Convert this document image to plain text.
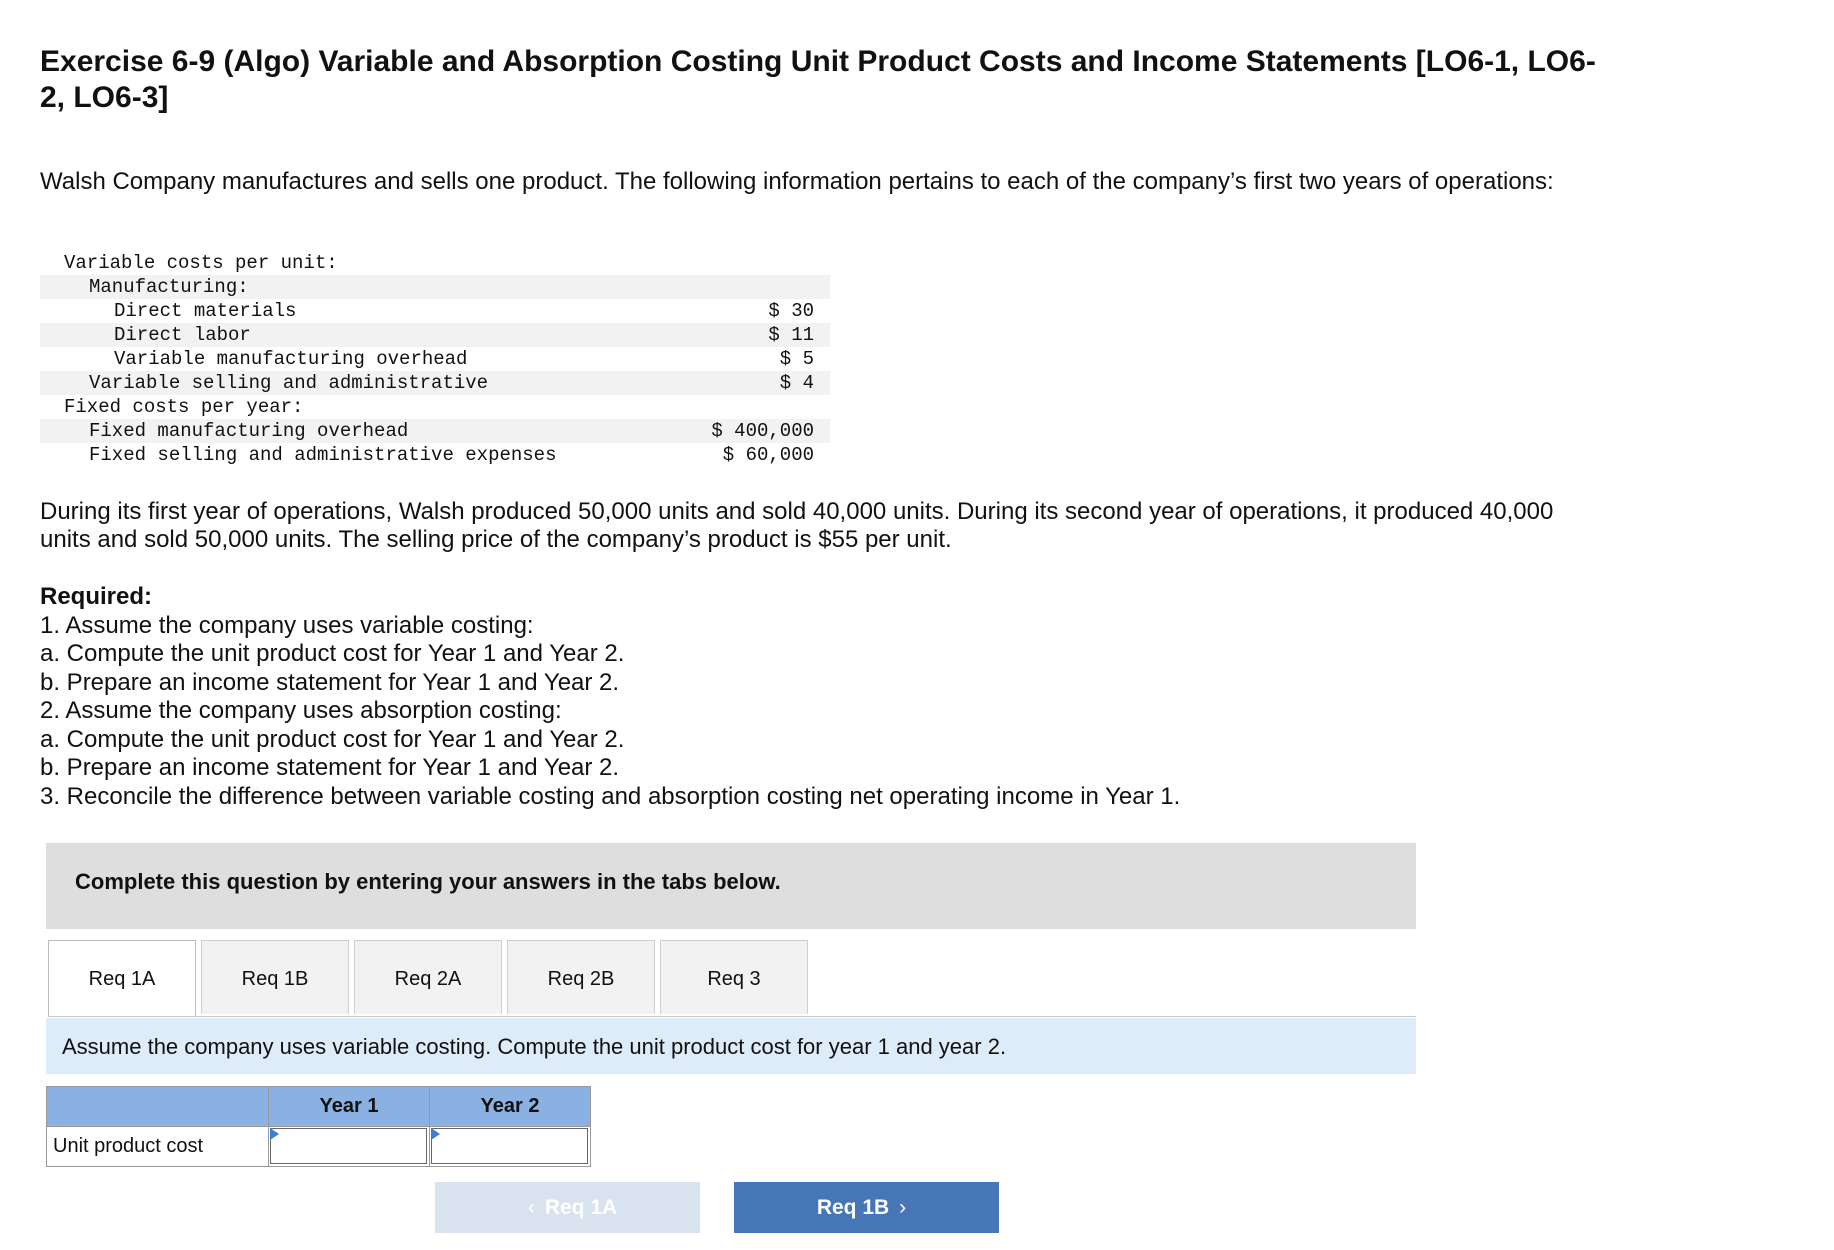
Exercise 6-9 (Algo) Variable and Absorption Costing Unit Product Costs and Income Statements [LO6-1, LO6-2, LO6-3]
Walsh Company manufactures and sells one product. The following information pertains to each of the company’s first two years of operations:
Variable costs per unit:	
Manufacturing:	
Direct materials	$ 30
Direct labor	$ 11
Variable manufacturing overhead	$ 5
Variable selling and administrative	$ 4
Fixed costs per year:	
Fixed manufacturing overhead	$ 400,000
Fixed selling and administrative expenses	$ 60,000
During its first year of operations, Walsh produced 50,000 units and sold 40,000 units. During its second year of operations, it produced 40,000 units and sold 50,000 units. The selling price of the company’s product is $55 per unit.
Required:
1. Assume the company uses variable costing:
a. Compute the unit product cost for Year 1 and Year 2.
b. Prepare an income statement for Year 1 and Year 2.
2. Assume the company uses absorption costing:
a. Compute the unit product cost for Year 1 and Year 2.
b. Prepare an income statement for Year 1 and Year 2.
3. Reconcile the difference between variable costing and absorption costing net operating income in Year 1.
Complete this question by entering your answers in the tabs below.
Req 1A	Req 1B	Req 2A	Req 2B	Req 3
Assume the company uses variable costing. Compute the unit product cost for year 1 and year 2.
	Year 1	Year 2
Unit product cost	

‹ Req 1A	Req 1B ›
